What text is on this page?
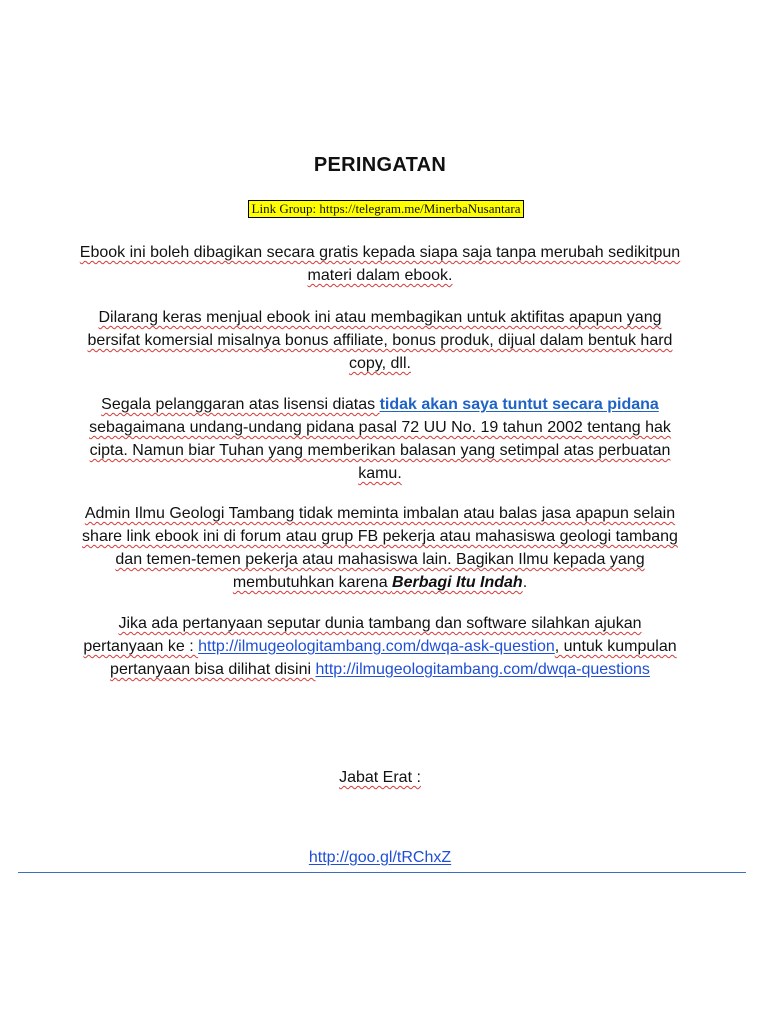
PERINGATAN
Link Group: https://telegram.me/MinerbaNusantara

Ebook ini boleh dibagikan secara gratis kepada siapa saja tanpa merubah sedikitpun
materi dalam ebook.

Dilarang keras menjual ebook ini atau membagikan untuk aktifitas apapun yang
bersifat komersial misalnya bonus affiliate, bonus produk, dijual dalam bentuk hard
copy, dll.

Segala pelanggaran atas lisensi diatas tidak akan saya tuntut secara pidana
sebagaimana undang-undang pidana pasal 72 UU No. 19 tahun 2002 tentang hak
cipta. Namun biar Tuhan yang memberikan balasan yang setimpal atas perbuatan
kamu.

Admin Ilmu Geologi Tambang tidak meminta imbalan atau balas jasa apapun selain
share link ebook ini di forum atau grup FB pekerja atau mahasiswa geologi tambang
dan temen-temen pekerja atau mahasiswa lain. Bagikan Ilmu kepada yang
membutuhkan karena Berbagi Itu Indah.

Jika ada pertanyaan seputar dunia tambang dan software silahkan ajukan
pertanyaan ke : http://ilmugeologitambang.com/dwqa-ask-question, untuk kumpulan
pertanyaan bisa dilihat disini http://ilmugeologitambang.com/dwqa-questions

Jabat Erat :
http://goo.gl/tRChxZ
